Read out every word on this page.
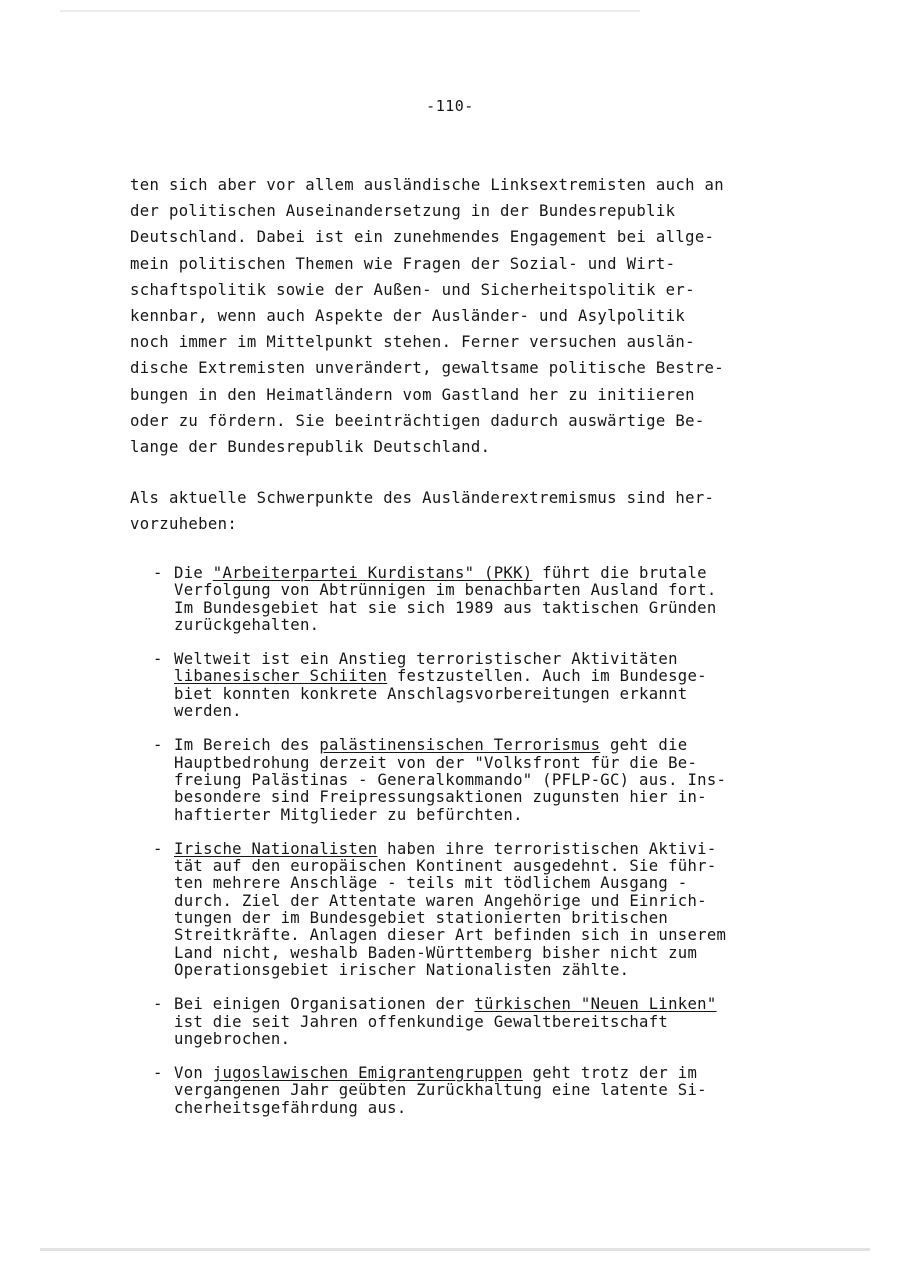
-110-
ten sich aber vor allem ausländische Linksextremisten auch an
der politischen Auseinandersetzung in der Bundesrepublik
Deutschland. Dabei ist ein zunehmendes Engagement bei allge-
mein politischen Themen wie Fragen der Sozial- und Wirt-
schaftspolitik sowie der Außen- und Sicherheitspolitik er-
kennbar, wenn auch Aspekte der Ausländer- und Asylpolitik
noch immer im Mittelpunkt stehen. Ferner versuchen auslän-
dische Extremisten unverändert, gewaltsame politische Bestre-
bungen in den Heimatländern vom Gastland her zu initiieren
oder zu fördern. Sie beeinträchtigen dadurch auswärtige Be-
lange der Bundesrepublik Deutschland.
Als aktuelle Schwerpunkte des Ausländerextremismus sind her-
vorzuheben:
- Die "Arbeiterpartei Kurdistans" (PKK) führt die brutale
Verfolgung von Abtrünnigen im benachbarten Ausland fort.
Im Bundesgebiet hat sie sich 1989 aus taktischen Gründen
zurückgehalten.
- Weltweit ist ein Anstieg terroristischer Aktivitäten
libanesischer Schiiten festzustellen. Auch im Bundesge-
biet konnten konkrete Anschlagsvorbereitungen erkannt
werden.
- Im Bereich des palästinensischen Terrorismus geht die
Hauptbedrohung derzeit von der "Volksfront für die Be-
freiung Palästinas - Generalkommando" (PFLP-GC) aus. Ins-
besondere sind Freipressungsaktionen zugunsten hier in-
haftierter Mitglieder zu befürchten.
- Irische Nationalisten haben ihre terroristischen Aktivi-
tät auf den europäischen Kontinent ausgedehnt. Sie führ-
ten mehrere Anschläge - teils mit tödlichem Ausgang -
durch. Ziel der Attentate waren Angehörige und Einrich-
tungen der im Bundesgebiet stationierten britischen
Streitkräfte. Anlagen dieser Art befinden sich in unserem
Land nicht, weshalb Baden-Württemberg bisher nicht zum
Operationsgebiet irischer Nationalisten zählte.
- Bei einigen Organisationen der türkischen "Neuen Linken"
ist die seit Jahren offenkundige Gewaltbereitschaft
ungebrochen.
- Von jugoslawischen Emigrantengruppen geht trotz der im
vergangenen Jahr geübten Zurückhaltung eine latente Si-
cherheitsgefährdung aus.
